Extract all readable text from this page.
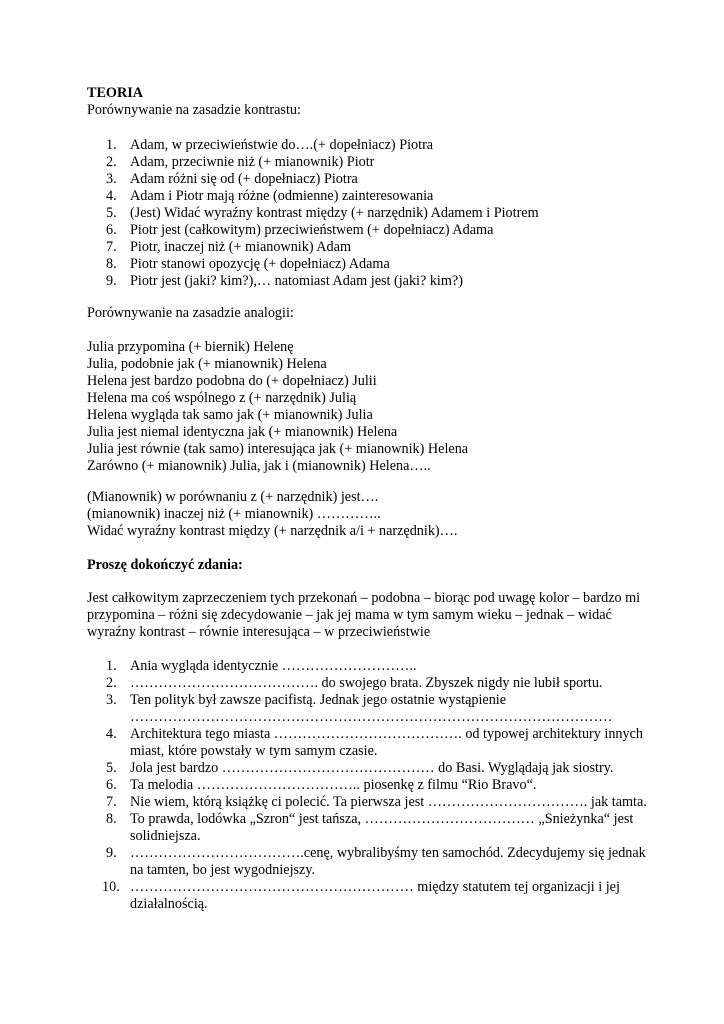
TEORIA
Porównywanie na zasadzie kontrastu:
1. Adam, w przeciwieństwie do….(+ dopełniacz) Piotra
2. Adam, przeciwnie niż (+ mianownik) Piotr
3. Adam różni się od (+ dopełniacz) Piotra
4. Adam i Piotr mają różne (odmienne) zainteresowania
5. (Jest) Widać wyraźny kontrast między (+ narzędnik) Adamem i Piotrem
6. Piotr jest (całkowitym) przeciwieństwem (+ dopełniacz) Adama
7. Piotr, inaczej niż (+ mianownik) Adam
8. Piotr stanowi opozycję (+ dopełniacz) Adama
9. Piotr jest (jaki? kim?),… natomiast Adam jest (jaki? kim?)
Porównywanie na zasadzie analogii:
Julia przypomina (+ biernik) Helenę
Julia, podobnie jak (+ mianownik) Helena
Helena jest bardzo podobna do (+ dopełniacz) Julii
Helena ma coś wspólnego z (+ narzędnik) Julią
Helena wygląda tak samo jak (+ mianownik) Julia
Julia jest niemal identyczna jak (+ mianownik) Helena
Julia jest równie (tak samo) interesująca jak (+ mianownik) Helena
Zarówno (+ mianownik) Julia, jak i (mianownik) Helena…..
(Mianownik) w porównaniu z (+ narzędnik) jest….
(mianownik) inaczej niż (+ mianownik) …………..
Widać wyraźny kontrast między (+ narzędnik a/i + narzędnik)….
Proszę dokończyć zdania:
Jest całkowitym zaprzeczeniem tych przekonań – podobna – biorąc pod uwagę kolor – bardzo mi przypomina – różni się zdecydowanie – jak jej mama w tym samym wieku – jednak – widać wyraźny kontrast – równie interesująca – w przeciwieństwie
1. Ania wygląda identycznie ………………………..
2. …………………………………. do swojego brata. Zbyszek nigdy nie lubił sportu.
3. Ten polityk był zawsze pacifistą. Jednak jego ostatnie wystąpienie …………………………………………………………………………………………
4. Architektura tego miasta …………………………………. od typowej architektury innych miast, które powstały w tym samym czasie.
5. Jola jest bardzo ……………………………………… do Basi. Wyglądają jak siostry.
6. Ta melodia …………………………….. piosenkę z filmu “Rio Bravo“.
7. Nie wiem, którą książkę ci polecić. Ta pierwsza jest ……………………………. jak tamta.
8. To prawda, lodówka „Szron“ jest tańsza, ……………………………… „Snieżynka“ jest solidniejsza.
9. ……………………………….cenę, wybralibyśmy ten samochód. Zdecydujemy się jednak na tamten, bo jest wygodniejszy.
10. …………………………………………………… między statutem tej organizacji i jej działalnością.
